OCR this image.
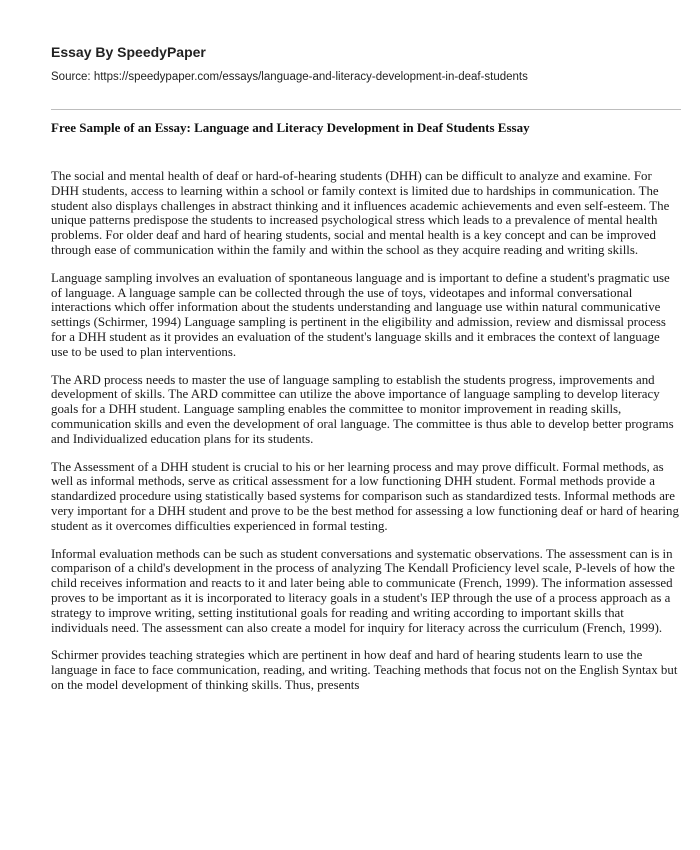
Essay By SpeedyPaper
Source: https://speedypaper.com/essays/language-and-literacy-development-in-deaf-students
Free Sample of an Essay: Language and Literacy Development in Deaf Students Essay

The social and mental health of deaf or hard-of-hearing students (DHH) can be difficult to analyze and examine. For DHH students, access to learning within a school or family context is limited due to hardships in communication. The student also displays challenges in abstract thinking and it influences academic achievements and even self-esteem. The unique patterns predispose the students to increased psychological stress which leads to a prevalence of mental health problems. For older deaf and hard of hearing students, social and mental health is a key concept and can be improved through ease of communication within the family and within the school as they acquire reading and writing skills.

Language sampling involves an evaluation of spontaneous language and is important to define a student's pragmatic use of language. A language sample can be collected through the use of toys, videotapes and informal conversational interactions which offer information about the students understanding and language use within natural communicative settings (Schirmer, 1994) Language sampling is pertinent in the eligibility and admission, review and dismissal process for a DHH student as it provides an evaluation of the student's language skills and it embraces the context of language use to be used to plan interventions.

The ARD process needs to master the use of language sampling to establish the students progress, improvements and development of skills. The ARD committee can utilize the above importance of language sampling to develop literacy goals for a DHH student. Language sampling enables the committee to monitor improvement in reading skills, communication skills and even the development of oral language. The committee is thus able to develop better programs and Individualized education plans for its students.

The Assessment of a DHH student is crucial to his or her learning process and may prove difficult. Formal methods, as well as informal methods, serve as critical assessment for a low functioning DHH student. Formal methods provide a standardized procedure using statistically based systems for comparison such as standardized tests. Informal methods are very important for a DHH student and prove to be the best method for assessing a low functioning deaf or hard of hearing student as it overcomes difficulties experienced in formal testing.

Informal evaluation methods can be such as student conversations and systematic observations. The assessment can is in comparison of a child's development in the process of analyzing The Kendall Proficiency level scale, P-levels of how the child receives information and reacts to it and later being able to communicate (French, 1999). The information assessed proves to be important as it is incorporated to literacy goals in a student's IEP through the use of a process approach as a strategy to improve writing, setting institutional goals for reading and writing according to important skills that individuals need. The assessment can also create a model for inquiry for literacy across the curriculum (French, 1999).

Schirmer provides teaching strategies which are pertinent in how deaf and hard of hearing students learn to use the language in face to face communication, reading, and writing. Teaching methods that focus not on the English Syntax but on the model development of thinking skills. Thus, presents
